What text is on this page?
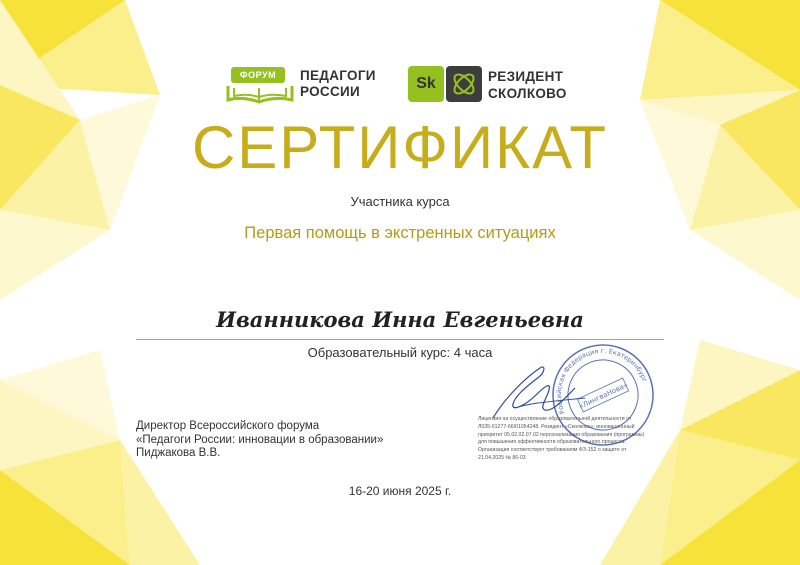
ФОРУМ	ПЕДАГОГИ
РОССИИ	Sk	РЕЗИДЕНТ
СКОЛКОВО
СЕРТИФИКАТ
Участника курса
Первая помощь в экстренных ситуациях
Иванникова Инна Евгеньевна
Образовательный курс: 4 часа
Российская Федерация г. Екатеринбург
«ЛингваНова»
Директор Всероссийского форума
«Педагоги России: инновации в образовании»
Пиджакова В.В.
Лицензия на осуществление образовательной деятельности от
Л035-01277-66/01054248. Резидент «Сколково»: инновационный
приоритет 05.02.02.07.02 персонализация образования (программы)
для повышения эффективности образовательного процесса.
Организация соответствует требованиям ФЗ-152 о защите от
21.04.2025 № 86-03
16-20 июня 2025 г.
